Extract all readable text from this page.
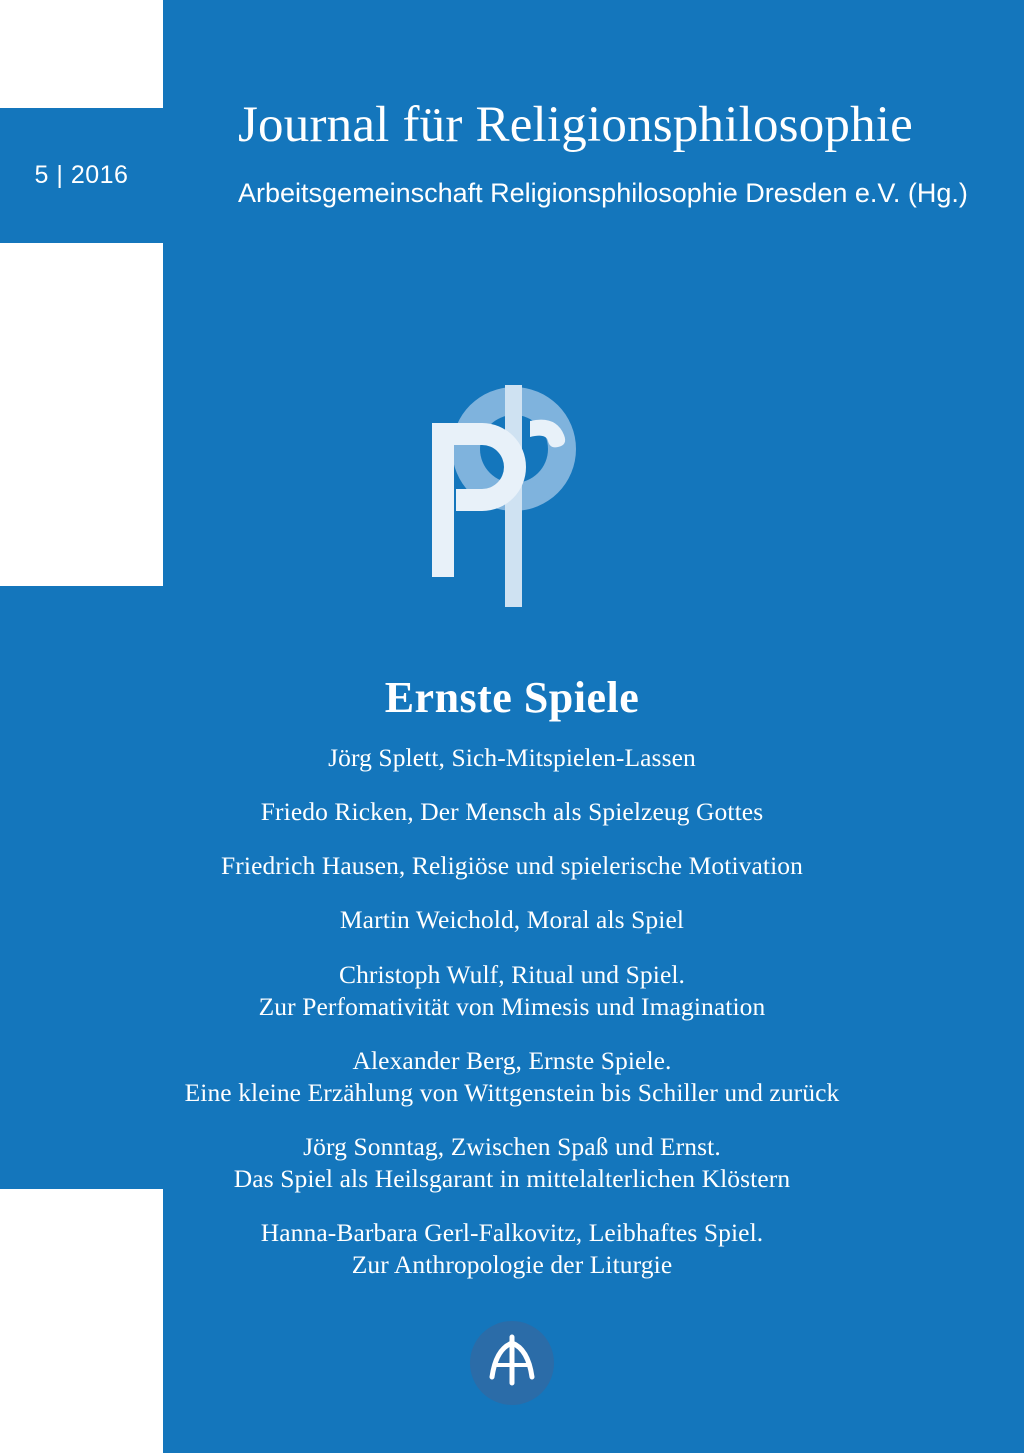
5 | 2016
Journal für Religionsphilosophie

Arbeitsgemeinschaft Religionsphilosophie Dresden e.V. (Hg.)

Ernste Spiele

Jörg Splett, Sich-Mitspielen-Lassen

Friedo Ricken, Der Mensch als Spielzeug Gottes

Friedrich Hausen, Religiöse und spielerische Motivation

Martin Weichold, Moral als Spiel

Christoph Wulf, Ritual und Spiel.
Zur Perfomativität von Mimesis und Imagination

Alexander Berg, Ernste Spiele.
Eine kleine Erzählung von Wittgenstein bis Schiller und zurück

Jörg Sonntag, Zwischen Spaß und Ernst.
Das Spiel als Heilsgarant in mittelalterlichen Klöstern

Hanna-Barbara Gerl-Falkovitz, Leibhaftes Spiel.
Zur Anthropologie der Liturgie
